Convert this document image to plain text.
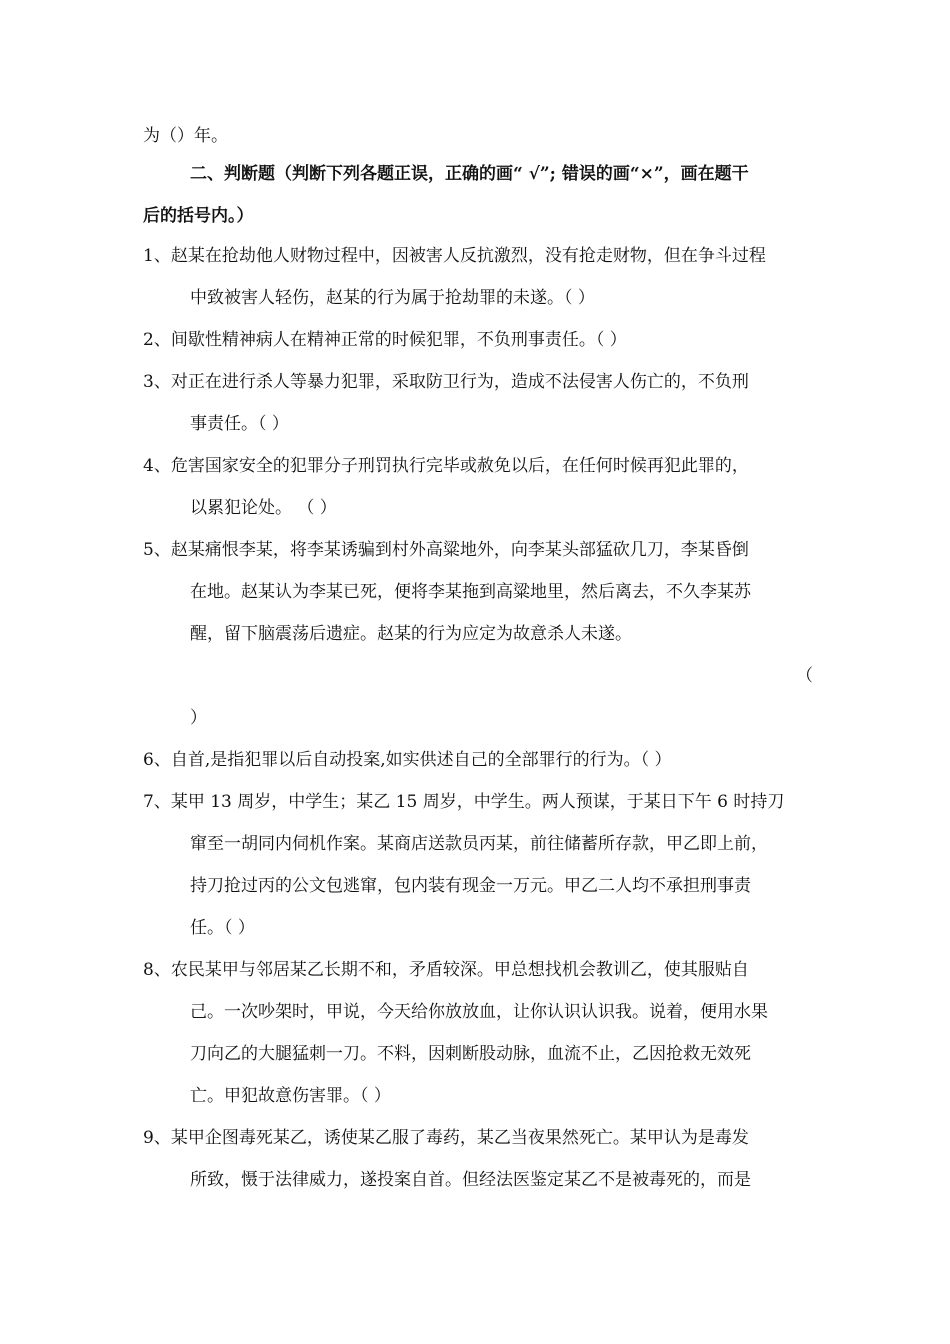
为（）年。
二、判断题（判断下列各题正误，正确的画“ √”; 错误的画“×”，画在题干
后的括号内。）
1、赵某在抢劫他人财物过程中，因被害人反抗激烈，没有抢走财物，但在争斗过程
中致被害人轻伤，赵某的行为属于抢劫罪的未遂。（ ）
2、间歇性精神病人在精神正常的时候犯罪，不负刑事责任。（ ）
3、对正在进行杀人等暴力犯罪，采取防卫行为，造成不法侵害人伤亡的，不负刑
事责任。（ ）
4、危害国家安全的犯罪分子刑罚执行完毕或赦免以后，在任何时候再犯此罪的，
以累犯论处。 （ ）
5、赵某痛恨李某，将李某诱骗到村外高粱地外，向李某头部猛砍几刀，李某昏倒
在地。赵某认为李某已死，便将李某拖到高粱地里，然后离去，不久李某苏
醒，留下脑震荡后遗症。赵某的行为应定为故意杀人未遂。
（
）
6、自首,是指犯罪以后自动投案,如实供述自己的全部罪行的行为。（ ）
7、某甲 13 周岁，中学生；某乙 15 周岁，中学生。两人预谋，于某日下午 6 时持刀
窜至一胡同内伺机作案。某商店送款员丙某，前往储蓄所存款，甲乙即上前，
持刀抢过丙的公文包逃窜，包内装有现金一万元。甲乙二人均不承担刑事责
任。（ ）
8、农民某甲与邻居某乙长期不和，矛盾较深。甲总想找机会教训乙，使其服贴自
己。一次吵架时，甲说，今天给你放放血，让你认识认识我。说着，便用水果
刀向乙的大腿猛刺一刀。不料，因刺断股动脉，血流不止，乙因抢救无效死
亡。甲犯故意伤害罪。（ ）
9、某甲企图毒死某乙，诱使某乙服了毒药，某乙当夜果然死亡。某甲认为是毒发
所致，慑于法律威力，遂投案自首。但经法医鉴定某乙不是被毒死的，而是
